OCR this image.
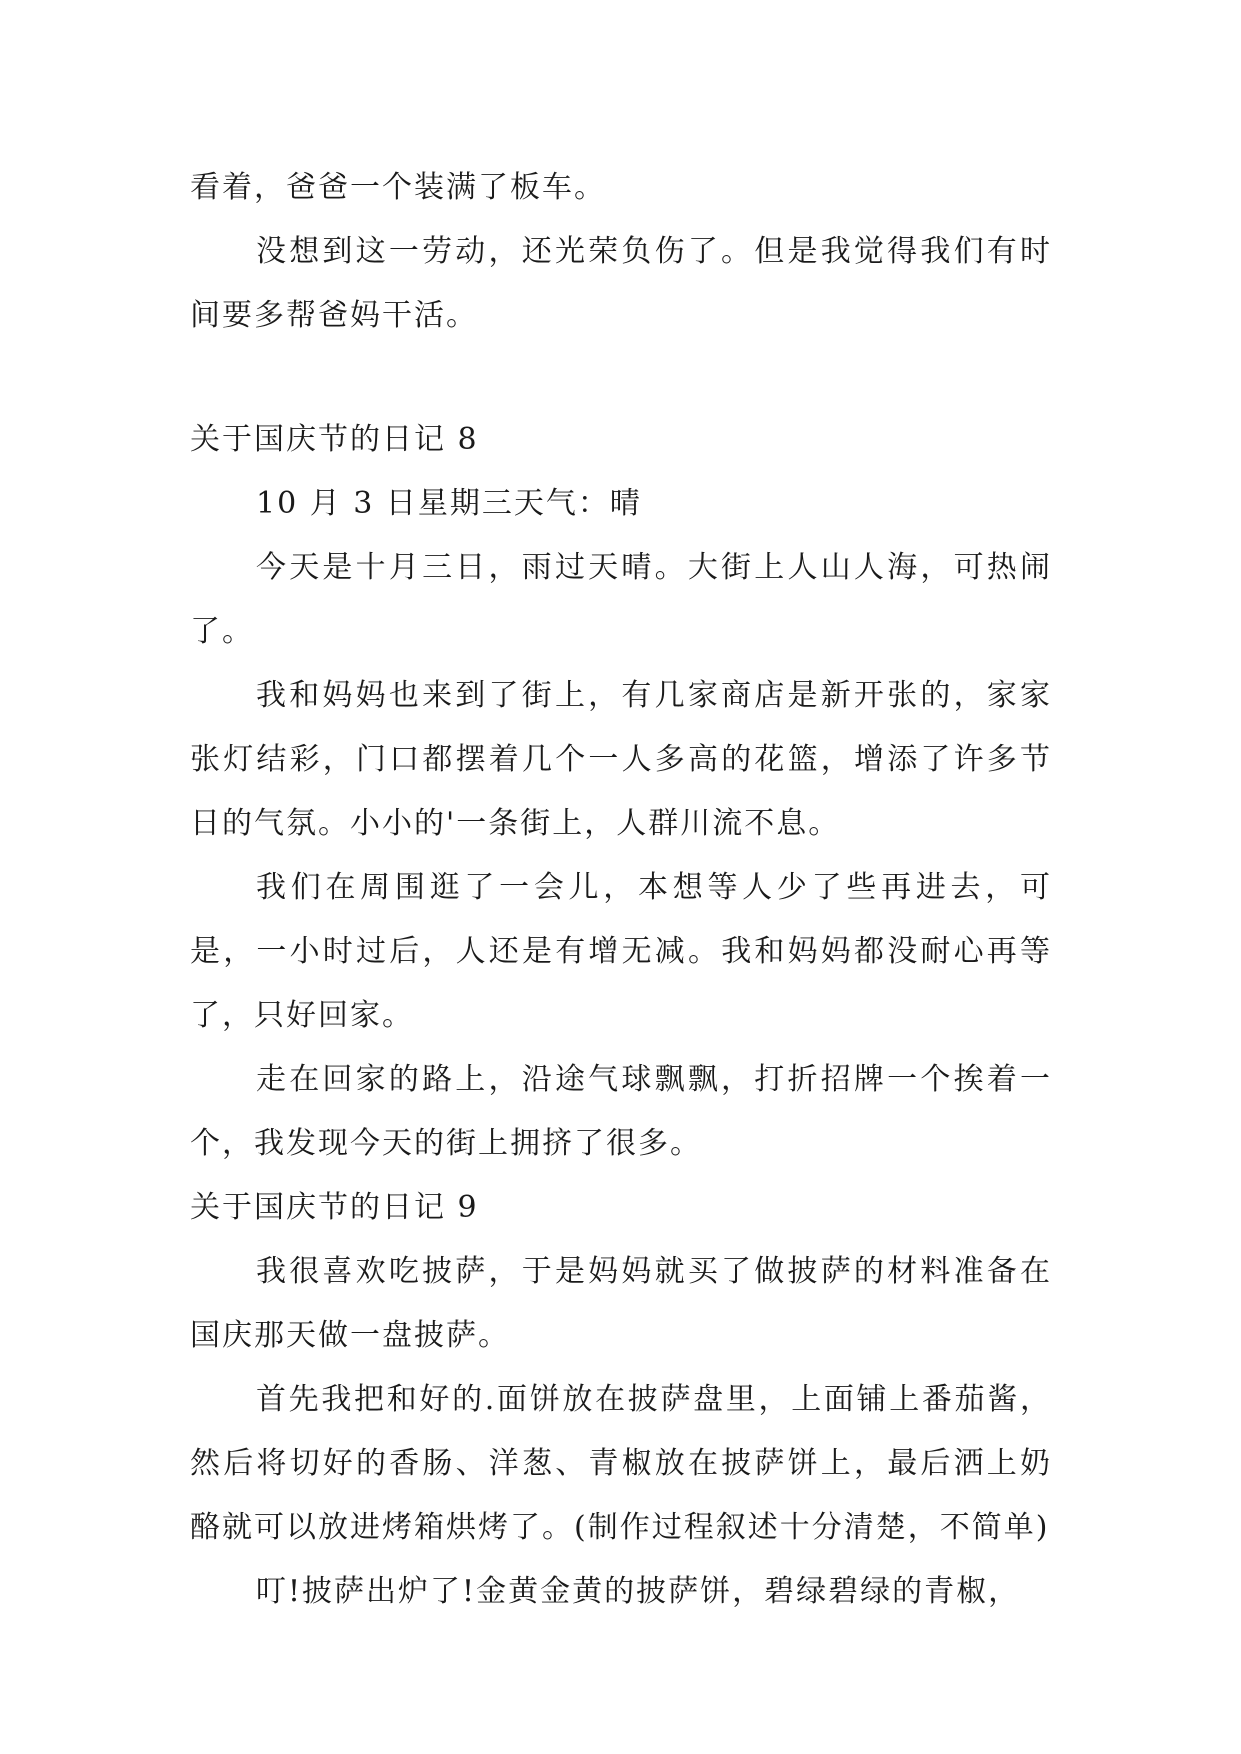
看着，爸爸一个装满了板车。

没想到这一劳动，还光荣负伤了。但是我觉得我们有时间要多帮爸妈干活。

关于国庆节的日记 8

10 月 3 日星期三天气：晴

今天是十月三日，雨过天晴。大街上人山人海，可热闹了。

我和妈妈也来到了街上，有几家商店是新开张的，家家张灯结彩，门口都摆着几个一人多高的花篮，增添了许多节日的气氛。小小的'一条街上，人群川流不息。

我们在周围逛了一会儿，本想等人少了些再进去，可是，一小时过后，人还是有增无减。我和妈妈都没耐心再等了，只好回家。

走在回家的路上，沿途气球飘飘，打折招牌一个挨着一个，我发现今天的街上拥挤了很多。

关于国庆节的日记 9

我很喜欢吃披萨，于是妈妈就买了做披萨的材料准备在国庆那天做一盘披萨。

首先我把和好的.面饼放在披萨盘里，上面铺上番茄酱，然后将切好的香肠、洋葱、青椒放在披萨饼上，最后洒上奶酪就可以放进烤箱烘烤了。(制作过程叙述十分清楚，不简单)

叮!披萨出炉了!金黄金黄的披萨饼，碧绿碧绿的青椒，
